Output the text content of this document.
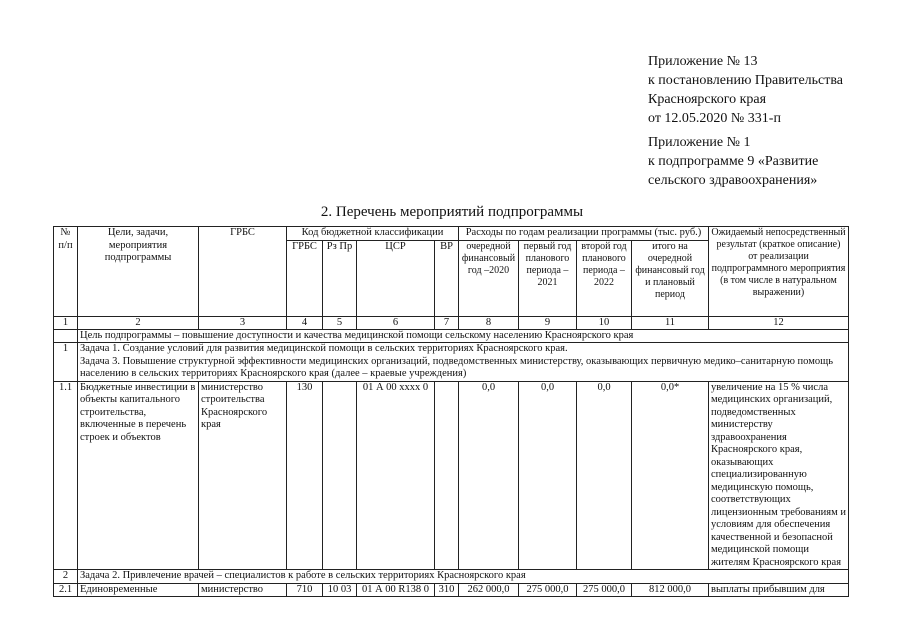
Приложение № 13
к постановлению Правительства
Красноярского края
от 12.05.2020 № 331-п
Приложение № 1
к подпрограмме 9 «Развитие
сельского здравоохранения»
2. Перечень мероприятий подпрограммы
№ п/п	Цели, задачи, мероприятия подпрограммы	ГРБС	Код бюджетной классификации				Расходы по годам реализации программы (тыс. руб.)				Ожидаемый непосредственный результат (краткое описание) от реализации подпрограммного мероприятия (в том числе в натуральном выражении)
			ГРБС	Рз Пр	ЦСР	ВР	очередной финансовый год –2020	первый год планового периода – 2021	второй год планового периода – 2022	итого на очередной финансовый год и плановый период	
1	2	3	4	5	6	7	8	9	10	11	12
	Цель подпрограммы – повышение доступности и качества медицинской помощи сельскому населению Красноярского края										
1	Задача 1. Создание условий для развития медицинской помощи в сельских территориях Красноярского края.
Задача 3. Повышение структурной эффективности медицинских организаций, подведомственных министерству, оказывающих первичную медико–санитарную помощь населению в сельских территориях Красноярского края (далее – краевые учреждения)										

1.1	Бюджетные инвестиции в объекты капитального строительства, включенные в перечень строек и объектов	министерство строительства Красноярского края	130		01 А 00 xxxx 0		0,0	0,0	0,0	0,0*	увеличение на 15 % числа медицинских организаций, подведомственных министерству здравоохранения Красноярского края, оказывающих специализированную медицинскую помощь, соответствующих лицензионным требованиям и условиям для обеспечения качественной и безопасной медицинской помощи жителям Красноярского края
2	Задача 2. Привлечение врачей – специалистов к работе в сельских территориях Красноярского края										
2.1	Единовременные	министерство	710	10 03	01 А 00 R138 0	310	262 000,0	275 000,0	275 000,0	812 000,0	выплаты прибывшим для
